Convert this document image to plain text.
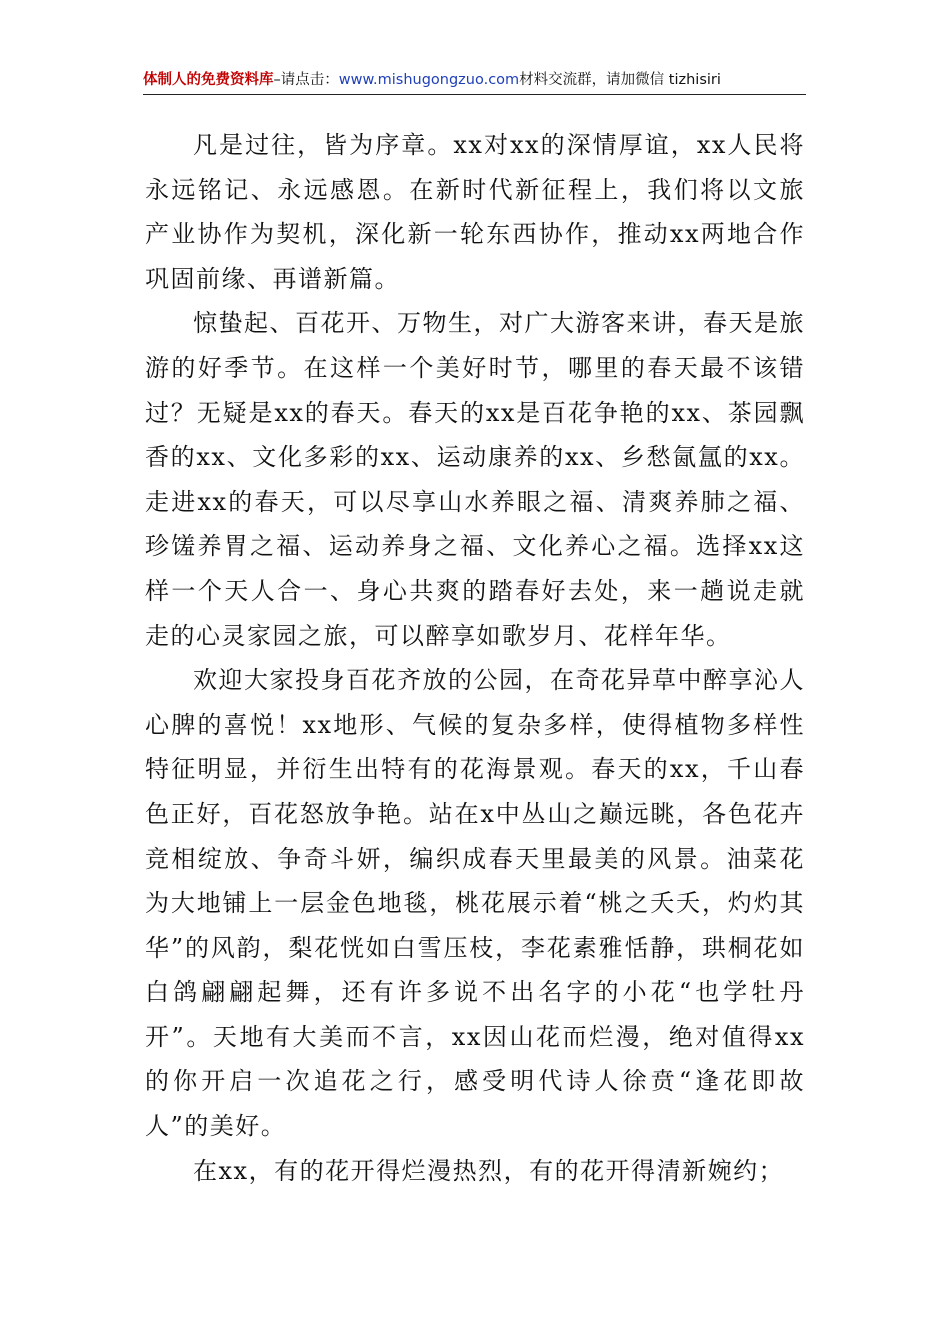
体制人的免费资料库–请点击：www.mishugongzuo.com材料交流群，请加微信 tizhisiri

凡是过往，皆为序章。xx对xx的深情厚谊，xx人民将永远铭记、永远感恩。在新时代新征程上，我们将以文旅产业协作为契机，深化新一轮东西协作，推动xx两地合作巩固前缘、再谱新篇。

惊蛰起、百花开、万物生，对广大游客来讲，春天是旅游的好季节。在这样一个美好时节，哪里的春天最不该错过？无疑是xx的春天。春天的xx是百花争艳的xx、茶园飘香的xx、文化多彩的xx、运动康养的xx、乡愁氤氲的xx。走进xx的春天，可以尽享山水养眼之福、清爽养肺之福、珍馐养胃之福、运动养身之福、文化养心之福。选择xx这样一个天人合一、身心共爽的踏春好去处，来一趟说走就走的心灵家园之旅，可以醉享如歌岁月、花样年华。

欢迎大家投身百花齐放的公园，在奇花异草中醉享沁人心脾的喜悦！xx地形、气候的复杂多样，使得植物多样性特征明显，并衍生出特有的花海景观。春天的xx，千山春色正好，百花怒放争艳。站在x中丛山之巅远眺，各色花卉竞相绽放、争奇斗妍，编织成春天里最美的风景。油菜花为大地铺上一层金色地毯，桃花展示着“桃之夭夭，灼灼其华”的风韵，梨花恍如白雪压枝，李花素雅恬静，珙桐花如白鸽翩翩起舞，还有许多说不出名字的小花“也学牡丹开”。天地有大美而不言，xx因山花而烂漫，绝对值得xx的你开启一次追花之行，感受明代诗人徐贲“逢花即故人”的美好。

在xx，有的花开得烂漫热烈，有的花开得清新婉约；
